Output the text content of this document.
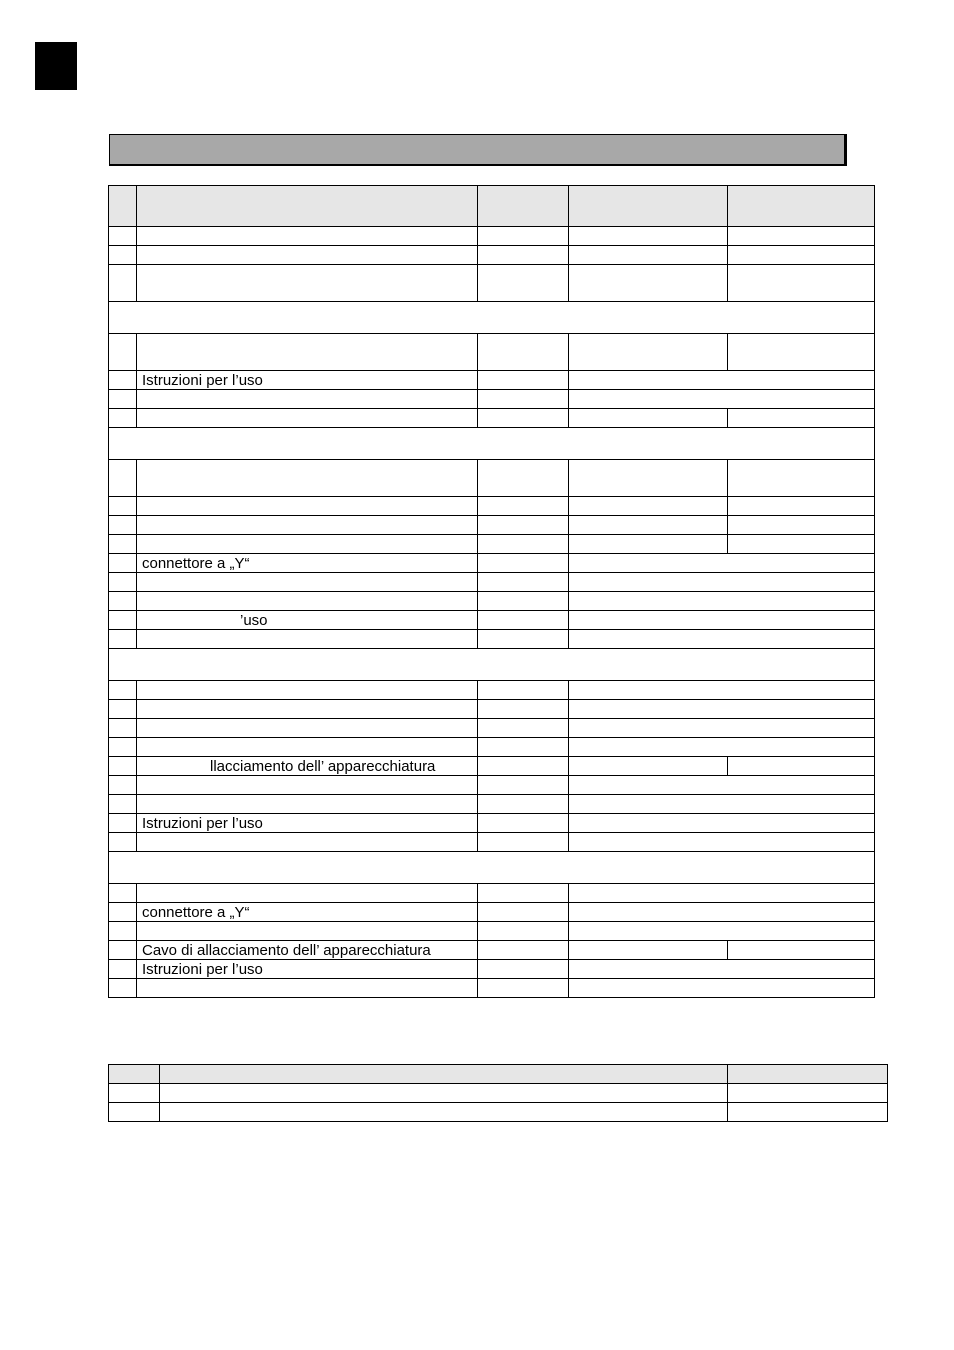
	Istruzioni per l’uso			

	connettore a „Y“			

	’uso			

	llacciamento dell’ apparecchiatura			

	Istruzioni per l’uso			

	connettore a „Y“			

	Cavo di allacciamento dell’ apparecchiatura			
	Istruzioni per l’uso			
